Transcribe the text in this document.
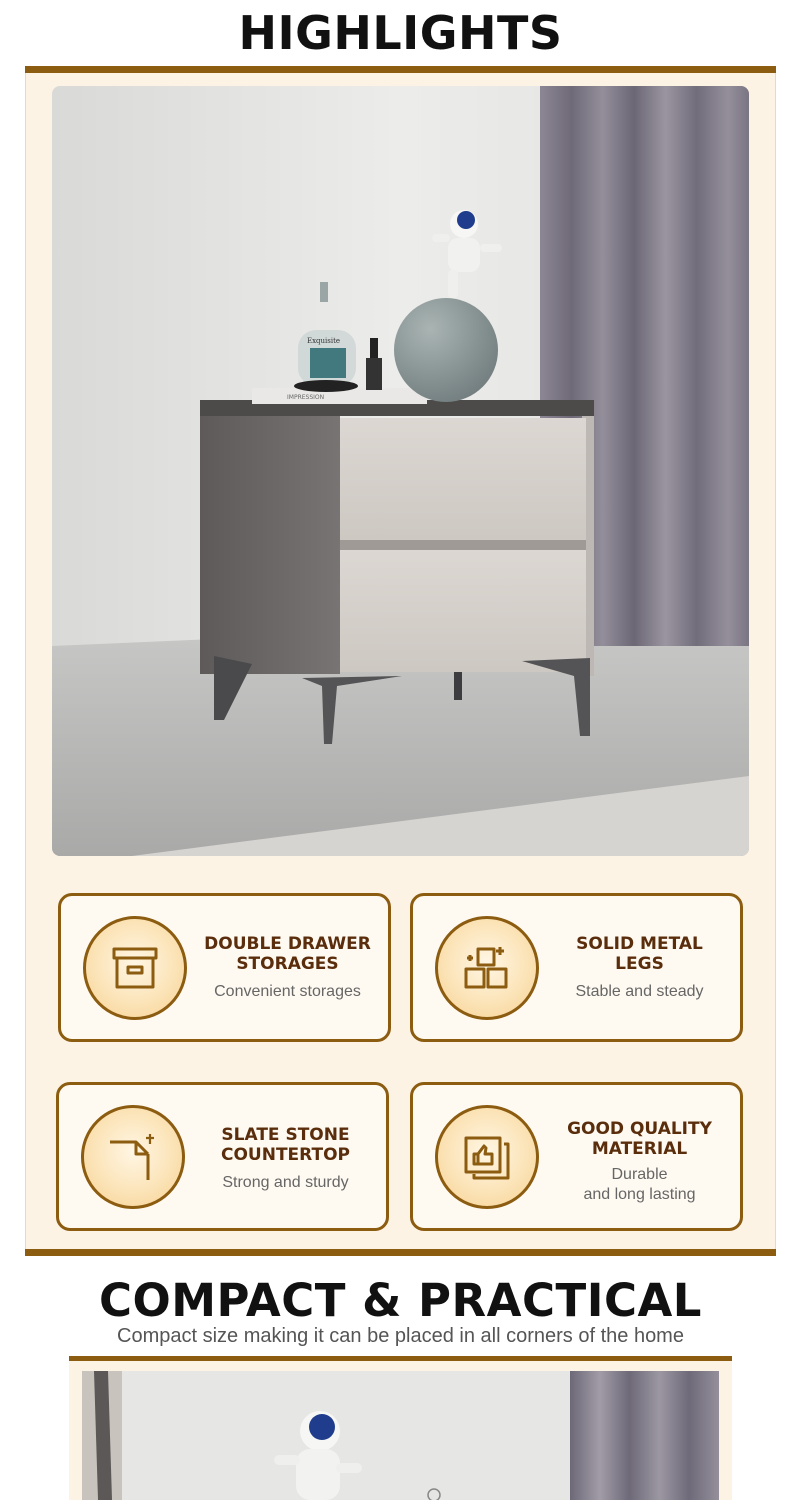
HIGHLIGHTS
IMPRESSION
Exquisite
DOUBLE DRAWER
STORAGES
Convenient storages
SOLID METAL
LEGS
Stable and steady
SLATE STONE
COUNTERTOP
Strong and sturdy
GOOD QUALITY
MATERIAL
Durable
and long lasting
COMPACT & PRACTICAL
Compact size making it can be placed in all corners of the home
